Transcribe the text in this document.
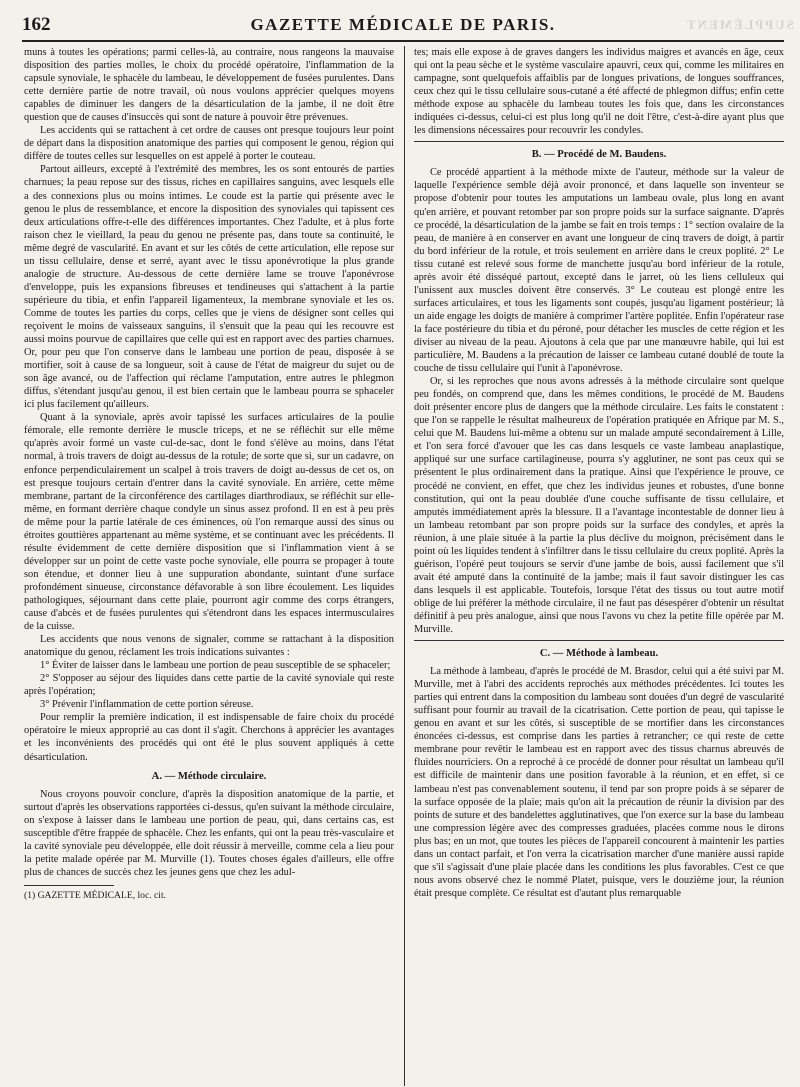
162	GAZETTE MÉDICALE DE PARIS.	SUPPLÉMENT

muns à toutes les opérations; parmi celles-là, au contraire, nous rangeons la mauvaise disposition des parties molles, le choix du procédé opératoire, l'inflammation de la capsule synoviale, le sphacèle du lambeau, le développement de fusées purulentes. Dans cette dernière partie de notre travail, où nous voulons apprécier quelques moyens capables de diminuer les dangers de la désarticulation de la jambe, il ne doit être question que de causes d'insuccès qui sont de nature à pouvoir être prévenues.

Les accidents qui se rattachent à cet ordre de causes ont presque toujours leur point de départ dans la disposition anatomique des parties qui composent le genou, région qui diffère de toutes celles sur lesquelles on est appelé à porter le couteau.

Partout ailleurs, excepté à l'extrémité des membres, les os sont entourés de parties charnues; la peau repose sur des tissus, riches en capillaires sanguins, avec lesquels elle a des connexions plus ou moins intimes. Le coude est la partie qui présente avec le genou le plus de ressemblance, et encore la disposition des synoviales qui tapissent ces deux articulations offre-t-elle des différences importantes. Chez l'adulte, et à plus forte raison chez le vieillard, la peau du genou ne présente pas, dans toute sa continuité, le même degré de vascularité. En avant et sur les côtés de cette articulation, elle repose sur un tissu cellulaire, dense et serré, ayant avec le tissu aponévrotique la plus grande analogie de structure. Au-dessous de cette dernière lame se trouve l'aponévrose d'enveloppe, puis les expansions fibreuses et tendineuses qui s'attachent à la partie supérieure du tibia, et enfin l'appareil ligamenteux, la membrane synoviale et les os. Comme de toutes les parties du corps, celles que je viens de désigner sont celles qui reçoivent le moins de vaisseaux sanguins, il s'ensuit que la peau qui les recouvre est aussi moins pourvue de capillaires que celle qui est en rapport avec des parties charnues. Or, pour peu que l'on conserve dans le lambeau une portion de peau, disposée à se mortifier, soit à cause de sa longueur, soit à cause de l'état de maigreur du sujet ou de son âge avancé, ou de l'affection qui réclame l'amputation, entre autres le phlegmon diffus, s'étendant jusqu'au genou, il est bien certain que le lambeau pourra se sphaceler ici plus facilement qu'ailleurs.

Quant à la synoviale, après avoir tapissé les surfaces articulaires de la poulie fémorale, elle remonte derrière le muscle triceps, et ne se réfléchit sur elle même qu'après avoir formé un vaste cul-de-sac, dont le fond s'élève au moins, dans l'état normal, à trois travers de doigt au-dessus de la rotule; de sorte que si, sur un cadavre, on enfonce perpendiculairement un scalpel à trois travers de doigt au-dessus de cet os, on est presque toujours certain d'entrer dans la cavité synoviale. En arrière, cette même membrane, partant de la circonférence des cartilages diarthrodiaux, se réfléchit sur elle-même, en formant derrière chaque condyle un sinus assez profond. Il en est à peu près de même pour la partie latérale de ces éminences, où l'on remarque aussi des sinus ou étroites gouttières appartenant au même système, et se continuant avec les précédents. Il résulte évidemment de cette dernière disposition que si l'inflammation vient à se développer sur un point de cette vaste poche synoviale, elle pourra se propager à toute son étendue, et donner lieu à une suppuration abondante, suintant d'une surface profondément sinueuse, circonstance défavorable à son libre écoulement. Les liquides pathologiques, séjournant dans cette plaie, pourront agir comme des corps étrangers, cause d'abcès et de fusées purulentes qui s'étendront dans les espaces intermusculaires de la cuisse.

Les accidents que nous venons de signaler, comme se rattachant à la disposition anatomique du genou, réclament les trois indications suivantes :

1° Éviter de laisser dans le lambeau une portion de peau susceptible de se sphaceler;

2° S'opposer au séjour des liquides dans cette partie de la cavité synoviale qui reste après l'opération;

3° Prévenir l'inflammation de cette portion séreuse.

Pour remplir la première indication, il est indispensable de faire choix du procédé opératoire le mieux approprié au cas dont il s'agit. Cherchons à apprécier les avantages et les inconvénients des procédés qui ont été le plus souvent appliqués à cette désarticulation.

A. — Méthode circulaire.

Nous croyons pouvoir conclure, d'après la disposition anatomique de la partie, et surtout d'après les observations rapportées ci-dessus, qu'en suivant la méthode circulaire, on s'expose à laisser dans le lambeau une portion de peau, qui, dans certains cas, est susceptible d'être frappée de sphacèle. Chez les enfants, qui ont la peau très-vasculaire et la cavité synoviale peu développée, elle doit réussir à merveille, comme cela a lieu pour la petite malade opérée par M. Murville (1). Toutes choses égales d'ailleurs, elle offre plus de chances de succès chez les jeunes gens que chez les adul-

(1) GAZETTE MÉDICALE, loc. cit.

tes; mais elle expose à de graves dangers les individus maigres et avancés en âge, ceux qui ont la peau sèche et le système vasculaire apauvri, ceux qui, comme les militaires en campagne, sont quelquefois affaiblis par de longues privations, de longues souffrances, ceux chez qui le tissu cellulaire sous-cutané a été affecté de phlegmon diffus; enfin cette méthode expose au sphacèle du lambeau toutes les fois que, dans les circonstances indiquées ci-dessus, celui-ci est plus long qu'il ne doit l'être, c'est-à-dire ayant plus que les dimensions nécessaires pour recouvrir les condyles.

B. — Procédé de M. Baudens.

Ce procédé appartient à la méthode mixte de l'auteur, méthode sur la valeur de laquelle l'expérience semble déjà avoir prononcé, et dans laquelle son inventeur se propose d'obtenir pour toutes les amputations un lambeau ovale, plus long en avant qu'en arrière, et pouvant retomber par son propre poids sur la surface saignante. D'après ce procédé, la désarticulation de la jambe se fait en trois temps : 1° section ovalaire de la peau, de manière à en conserver en avant une longueur de cinq travers de doigt, à partir du bord inférieur de la rotule, et trois seulement en arrière dans le creux poplité. 2° Le tissu cutané est relevé sous forme de manchette jusqu'au bord inférieur de la rotule, après avoir été disséqué partout, excepté dans le jarret, où les liens celluleux qui l'unissent aux muscles doivent être conservés. 3° Le couteau est plongé entre les surfaces articulaires, et tous les ligaments sont coupés, jusqu'au ligament postérieur; là un aide engage les doigts de manière à comprimer l'artère poplitée. Enfin l'opérateur rase la face postérieure du tibia et du péroné, pour détacher les muscles de cette région et les diviser au niveau de la peau. Ajoutons à cela que par une manœuvre habile, qui lui est particulière, M. Baudens a la précaution de laisser ce lambeau cutané doublé de toute la couche de tissu cellulaire qui l'unit à l'aponévrose.

Or, si les reproches que nous avons adressés à la méthode circulaire sont quelque peu fondés, on comprend que, dans les mêmes conditions, le procédé de M. Baudens doit présenter encore plus de dangers que la méthode circulaire. Les faits le constatent : que l'on se rappelle le résultat malheureux de l'opération pratiquée en Afrique par M. S., celui que M. Baudens lui-même a obtenu sur un malade amputé secondairement à Lille, et l'on sera forcé d'avouer que les cas dans lesquels ce vaste lambeau anaplastique, appliqué sur une surface cartilagineuse, pourra s'y agglutiner, ne sont pas ceux qui se présentent le plus ordinairement dans la pratique. Ainsi que l'expérience le prouve, ce procédé ne convient, en effet, que chez les individus jeunes et robustes, d'une bonne constitution, qui ont la peau doublée d'une couche suffisante de tissu cellulaire, et amputés immédiatement après la blessure. Il a l'avantage incontestable de donner lieu à un lambeau retombant par son propre poids sur la surface des condyles, et après la réunion, à une plaie située à la partie la plus déclive du moignon, précisément dans le point où les liquides tendent à s'infiltrer dans le tissu cellulaire du creux poplité. Après la guérison, l'opéré peut toujours se servir d'une jambe de bois, aussi facilement que s'il avait été amputé dans la continuité de la jambe; mais il faut savoir distinguer les cas dans lesquels il est applicable. Toutefois, lorsque l'état des tissus ou tout autre motif oblige de lui préférer la méthode circulaire, il ne faut pas désespérer d'obtenir un résultat définitif à peu près analogue, ainsi que nous l'avons vu chez la petite fille opérée par M. Murville.

C. — Méthode à lambeau.

La méthode à lambeau, d'après le procédé de M. Brasdor, celui qui a été suivi par M. Murville, met à l'abri des accidents reprochés aux méthodes précédentes. Ici toutes les parties qui entrent dans la composition du lambeau sont douées d'un degré de vascularité suffisant pour fournir au travail de la cicatrisation. Cette portion de peau, qui tapisse le genou en avant et sur les côtés, si susceptible de se mortifier dans les circonstances énoncées ci-dessus, est comprise dans les parties à retrancher; ce qui reste de cette membrane pour revêtir le lambeau est en rapport avec des tissus charnus abreuvés de fluides nourriciers. On a reproché à ce procédé de donner pour résultat un lambeau qu'il est difficile de maintenir dans une position favorable à la réunion, et en effet, si ce lambeau n'est pas convenablement soutenu, il tend par son propre poids à se séparer de la surface opposée de la plaie; mais qu'on ait la précaution de réunir la division par des points de suture et des bandelettes agglutinatives, que l'on exerce sur la base du lambeau une compression légère avec des compresses graduées, placées comme nous le dirons plus bas; en un mot, que toutes les pièces de l'appareil concourent à maintenir les parties dans un contact parfait, et l'on verra la cicatrisation marcher d'une manière aussi rapide que s'il s'agissait d'une plaie placée dans les conditions les plus favorables. C'est ce que nous avons observé chez le nommé Platet, puisque, vers le douzième jour, la réunion était presque complète. Ce résultat est d'autant plus remarquable
